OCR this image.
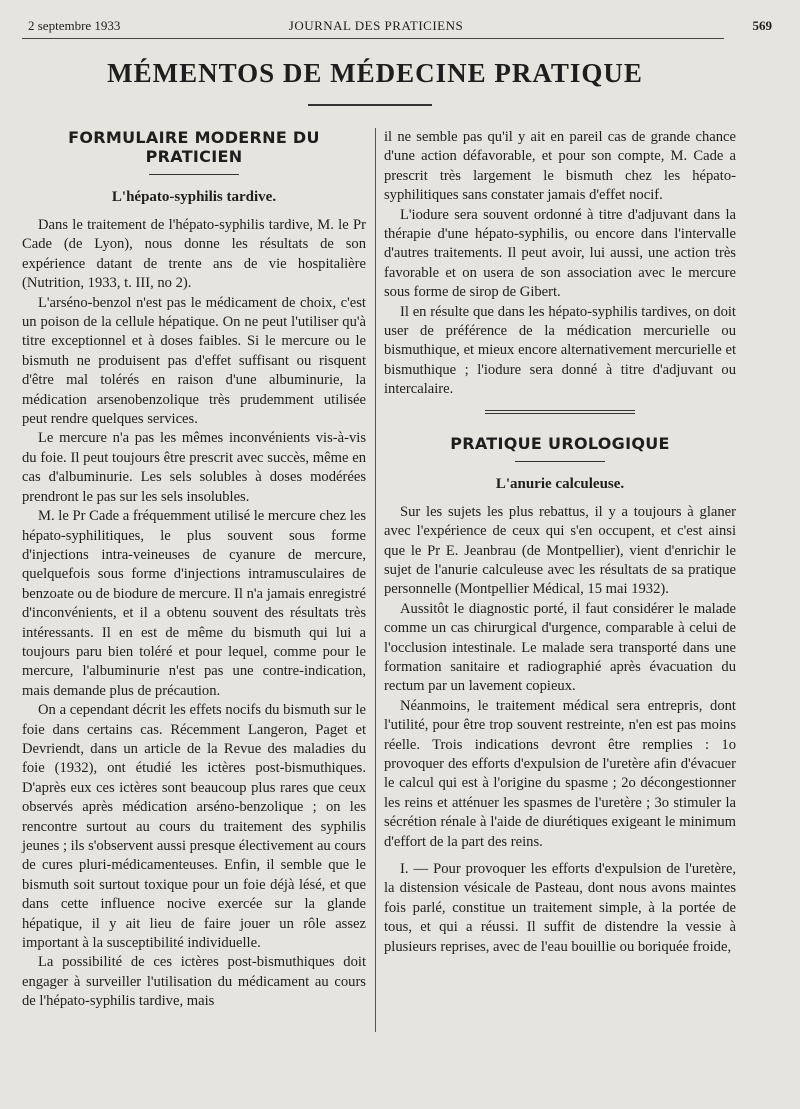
2 septembre 1933	JOURNAL DES PRATICIENS	569
MÉMENTOS DE MÉDECINE PRATIQUE
FORMULAIRE MODERNE DU PRATICIEN
L'hépato-syphilis tardive.

Dans le traitement de l'hépato-syphilis tardive, M. le Pr Cade (de Lyon), nous donne les résultats de son expérience datant de trente ans de vie hospitalière (Nutrition, 1933, t. III, no 2).

L'arséno-benzol n'est pas le médicament de choix, c'est un poison de la cellule hépatique. On ne peut l'utiliser qu'à titre exceptionnel et à doses faibles. Si le mercure ou le bismuth ne produisent pas d'effet suffisant ou risquent d'être mal tolérés en raison d'une albuminurie, la médication arsenobenzolique très prudemment utilisée peut rendre quelques services.

Le mercure n'a pas les mêmes inconvénients vis-à-vis du foie. Il peut toujours être prescrit avec succès, même en cas d'albuminurie. Les sels solubles à doses modérées prendront le pas sur les sels insolubles.

M. le Pr Cade a fréquemment utilisé le mercure chez les hépato-syphilitiques, le plus souvent sous forme d'injections intra-veineuses de cyanure de mercure, quelquefois sous forme d'injections intramusculaires de benzoate ou de biodure de mercure. Il n'a jamais enregistré d'inconvénients, et il a obtenu souvent des résultats très intéressants. Il en est de même du bismuth qui lui a toujours paru bien toléré et pour lequel, comme pour le mercure, l'albuminurie n'est pas une contre-indication, mais demande plus de précaution.

On a cependant décrit les effets nocifs du bismuth sur le foie dans certains cas. Récemment Langeron, Paget et Devriendt, dans un article de la Revue des maladies du foie (1932), ont étudié les ictères post-bismuthiques. D'après eux ces ictères sont beaucoup plus rares que ceux observés après médication arséno-benzolique ; on les rencontre surtout au cours du traitement des syphilis jeunes ; ils s'observent aussi presque électivement au cours de cures pluri-médicamenteuses. Enfin, il semble que le bismuth soit surtout toxique pour un foie déjà lésé, et que dans cette influence nocive exercée sur la glande hépatique, il y ait lieu de faire jouer un rôle assez important à la susceptibilité individuelle.

La possibilité de ces ictères post-bismuthiques doit engager à surveiller l'utilisation du médicament au cours de l'hépato-syphilis tardive, mais

il ne semble pas qu'il y ait en pareil cas de grande chance d'une action défavorable, et pour son compte, M. Cade a prescrit très largement le bismuth chez les hépato-syphilitiques sans constater jamais d'effet nocif.

L'iodure sera souvent ordonné à titre d'adjuvant dans la thérapie d'une hépato-syphilis, ou encore dans l'intervalle d'autres traitements. Il peut avoir, lui aussi, une action très favorable et on usera de son association avec le mercure sous forme de sirop de Gibert.

Il en résulte que dans les hépato-syphilis tardives, on doit user de préférence de la médication mercurielle ou bismuthique, et mieux encore alternativement mercurielle et bismuthique ; l'iodure sera donné à titre d'adjuvant ou intercalaire.

PRATIQUE UROLOGIQUE
L'anurie calculeuse.

Sur les sujets les plus rebattus, il y a toujours à glaner avec l'expérience de ceux qui s'en occupent, et c'est ainsi que le Pr E. Jeanbrau (de Montpellier), vient d'enrichir le sujet de l'anurie calculeuse avec les résultats de sa pratique personnelle (Montpellier Médical, 15 mai 1932).

Aussitôt le diagnostic porté, il faut considérer le malade comme un cas chirurgical d'urgence, comparable à celui de l'occlusion intestinale. Le malade sera transporté dans une formation sanitaire et radiographié après évacuation du rectum par un lavement copieux.

Néanmoins, le traitement médical sera entrepris, dont l'utilité, pour être trop souvent restreinte, n'en est pas moins réelle. Trois indications devront être remplies : 1o provoquer des efforts d'expulsion de l'uretère afin d'évacuer le calcul qui est à l'origine du spasme ; 2o décongestionner les reins et atténuer les spasmes de l'uretère ; 3o stimuler la sécrétion rénale à l'aide de diurétiques exigeant le minimum d'effort de la part des reins.

I. — Pour provoquer les efforts d'expulsion de l'uretère, la distension vésicale de Pasteau, dont nous avons maintes fois parlé, constitue un traitement simple, à la portée de tous, et qui a réussi. Il suffit de distendre la vessie à plusieurs reprises, avec de l'eau bouillie ou boriquée froide,
